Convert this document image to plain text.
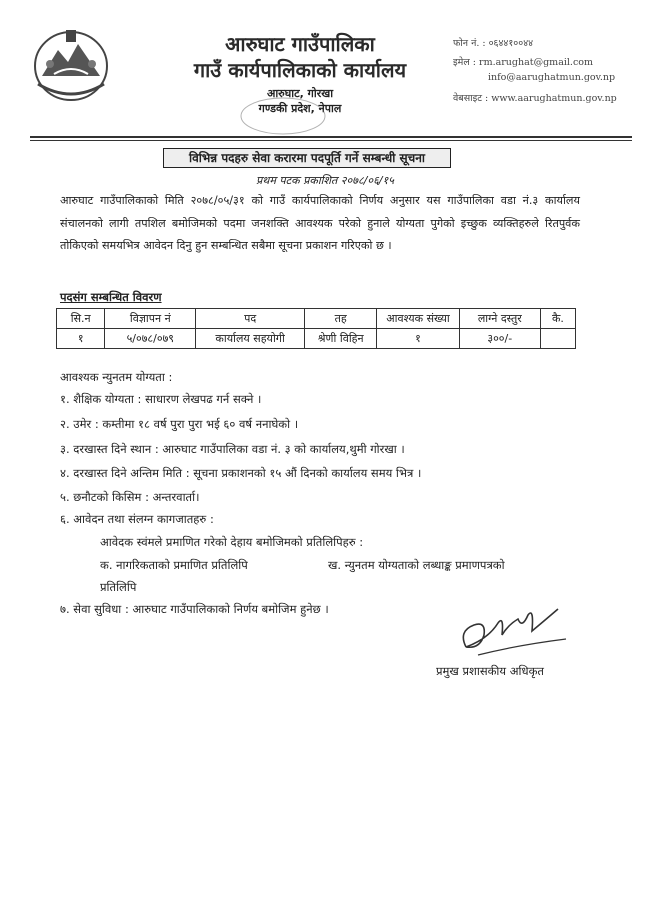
आरुघाट गाउँपालिका
गाउँ कार्यपालिकाको कार्यालय
आरुघाट, गोरखा
गण्डकी प्रदेश, नेपाल
फोन नं. : ०६४४१००४४
इमेल : rm.arughat@gmail.com
info@aarughatmun.gov.np
वेबसाइट : www.aarughatmun.gov.np
विभिन्न पदहरु सेवा करारमा पदपूर्ति गर्ने सम्बन्धी सूचना
प्रथम पटक प्रकाशित २०७८/०६/१५
आरुघाट गाउँपालिकाको मिति २०७८/०५/३१ को गाउँ कार्यपालिकाको निर्णय अनुसार यस गाउँपालिका वडा नं.३ कार्यालय संचालनको लागी तपशिल बमोजिमको पदमा जनशक्ति आवश्यक परेको हुनाले योग्यता पुगेको इच्छुक व्यक्तिहरुले रितपुर्वक तोकिएको समयभित्र आवेदन दिनु हुन सम्बन्धित सबैमा सूचना प्रकाशन गरिएको छ ।
पदसंग सम्बन्धित विवरण
सि.न	विज्ञापन नं	पद	तह	आवश्यक संख्या	लाग्ने दस्तुर	कै.
१	५/०७८/०७९	कार्यालय सहयोगी	श्रेणी विहिन	१	३००/-	
आवश्यक न्युनतम योग्यता :
१. शैक्षिक योग्यता : साधारण लेखपढ गर्न सक्ने ।
२. उमेर : कम्तीमा १८ वर्ष पुरा पुरा भई ६० वर्ष ननाघेको ।
३. दरखास्त दिने स्थान : आरुघाट गाउँपालिका वडा नं. ३ को कार्यालय,थुमी गोरखा ।
४. दरखास्त दिने अन्तिम मिति : सूचना प्रकाशनको १५ औं दिनको कार्यालय समय भित्र ।
५. छनौटको किसिम : अन्तरवार्ता।
६. आवेदन तथा संलग्न कागजातहरु :
आवेदक स्वंमले प्रमाणित गरेको देहाय बमोजिमको प्रतिलिपिहरु :
क. नागरिकताको प्रमाणित प्रतिलिपि	ख. न्युनतम योग्यताको लब्धाङ्क प्रमाणपत्रको
प्रतिलिपि
७. सेवा सुविधा : आरुघाट गाउँपालिकाको निर्णय बमोजिम हुनेछ ।
प्रमुख प्रशासकीय अधिकृत
